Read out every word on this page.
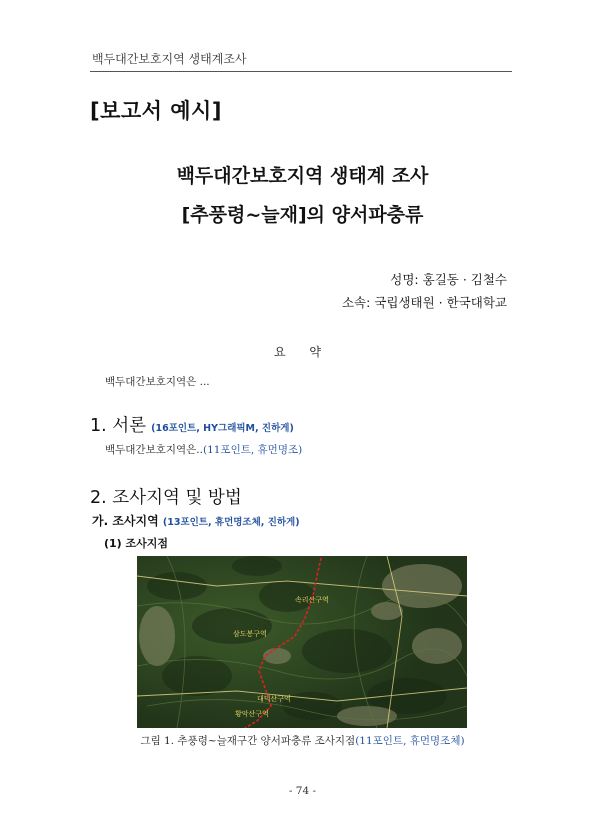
백두대간보호지역 생태계조사
[보고서 예시]
백두대간보호지역 생태계 조사
[추풍령~늘재]의 양서파충류
성명: 홍길동 · 김철수
소속: 국립생태원 · 한국대학교
요 약
백두대간보호지역은 ...
1. 서론 (16포인트, HY그래픽M, 진하게)
백두대간보호지역은..(11포인트, 휴먼명조)
2. 조사지역 및 방법
가. 조사지역 (13포인트, 휴먼명조체, 진하게)
(1) 조사지점
속리산구역
삼도봉구역
대덕산구역
황악산구역
그림 1. 추풍령~늘재구간 양서파충류 조사지점(11포인트, 휴먼명조체)
- 74 -
